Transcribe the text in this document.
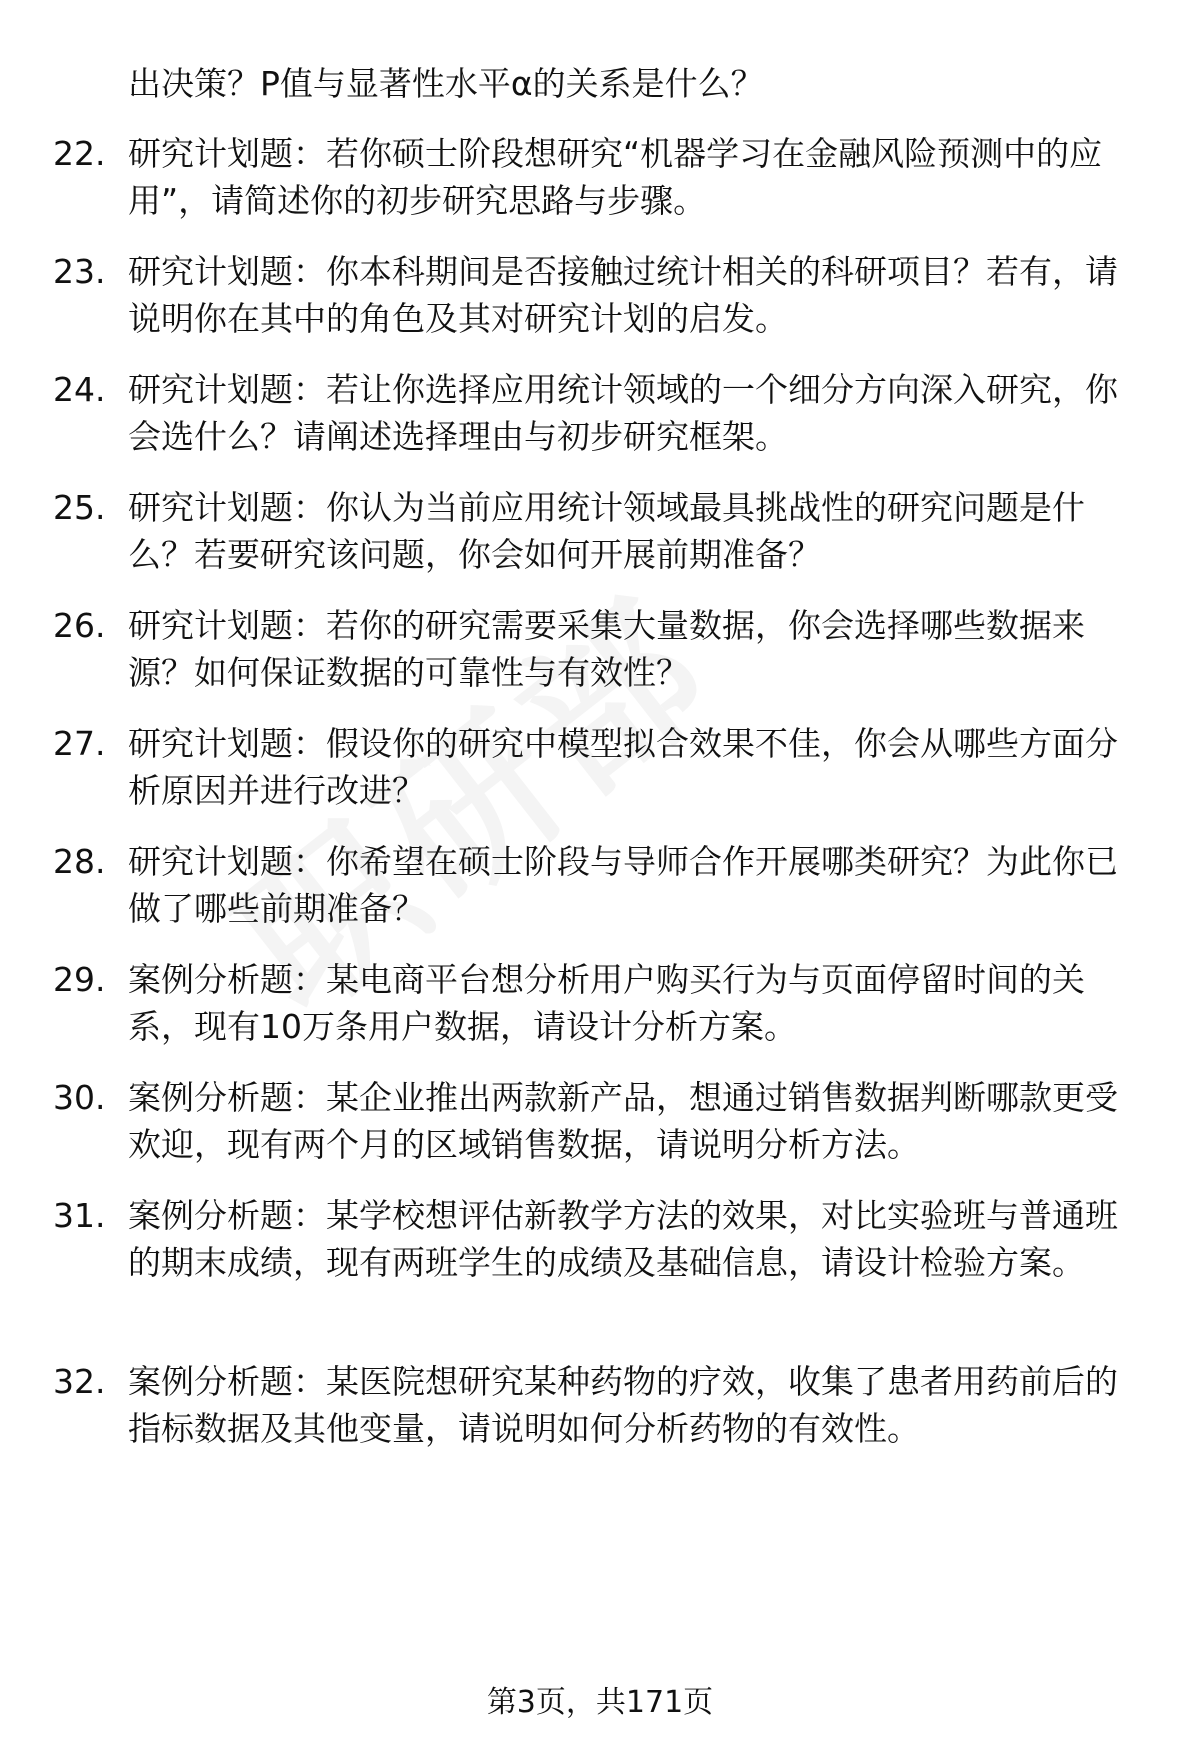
出决策？P值与显著性水平α的关系是什么？
22. 研究计划题：若你硕士阶段想研究“机器学习在金融风险预测中的应用”，请简述你的初步研究思路与步骤。
23. 研究计划题：你本科期间是否接触过统计相关的科研项目？若有，请说明你在其中的角色及其对研究计划的启发。
24. 研究计划题：若让你选择应用统计领域的一个细分方向深入研究，你会选什么？请阐述选择理由与初步研究框架。
25. 研究计划题：你认为当前应用统计领域最具挑战性的研究问题是什么？若要研究该问题，你会如何开展前期准备？
26. 研究计划题：若你的研究需要采集大量数据，你会选择哪些数据来源？如何保证数据的可靠性与有效性？
27. 研究计划题：假设你的研究中模型拟合效果不佳，你会从哪些方面分析原因并进行改进？
28. 研究计划题：你希望在硕士阶段与导师合作开展哪类研究？为此你已做了哪些前期准备？
29. 案例分析题：某电商平台想分析用户购买行为与页面停留时间的关系，现有10万条用户数据，请设计分析方案。
30. 案例分析题：某企业推出两款新产品，想通过销售数据判断哪款更受欢迎，现有两个月的区域销售数据，请说明分析方法。
31. 案例分析题：某学校想评估新教学方法的效果，对比实验班与普通班的期末成绩，现有两班学生的成绩及基础信息，请设计检验方案。
32. 案例分析题：某医院想研究某种药物的疗效，收集了患者用药前后的指标数据及其他变量，请说明如何分析药物的有效性。
第3页，共171页
